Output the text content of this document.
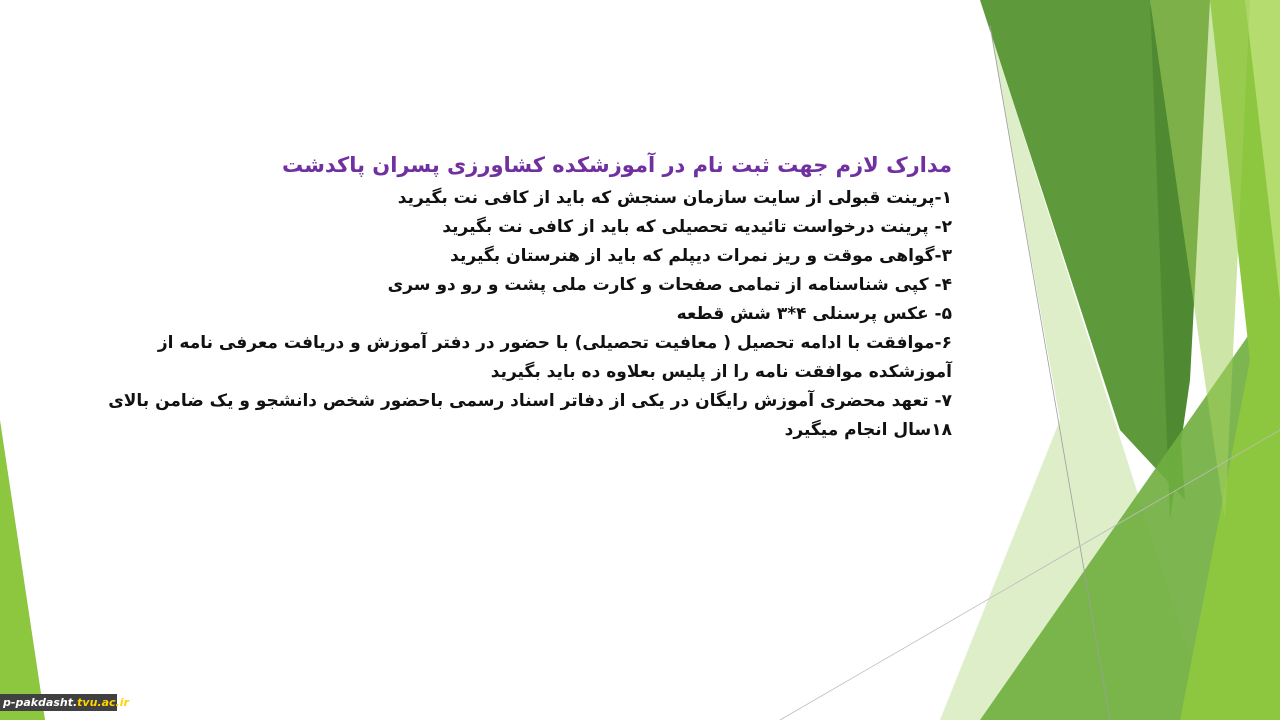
مدارک لازم جهت ثبت نام در آموزشکده کشاورزی پسران پاکدشت

۱-پرینت قبولی از سایت سازمان سنجش که باید از کافی نت بگیرید
۲- پرینت درخواست تائیدیه تحصیلی که باید از کافی نت بگیرید
۳-گواهی موقت و ریز نمرات دیپلم که باید از هنرستان بگیرید
۴- کپی شناسنامه از تمامی صفحات و کارت ملی پشت و رو دو سری
۵- عکس پرسنلی ۴*۳ شش قطعه
۶-موافقت با ادامه تحصیل ( معافیت تحصیلی) با حضور در دفتر آموزش و دریافت معرفی نامه از آموزشکده موافقت نامه را از پلیس بعلاوه ده باید بگیرید
۷- تعهد محضری آموزش رایگان در یکی از دفاتر اسناد رسمی باحضور شخص دانشجو و یک ضامن بالای ۱۸سال انجام میگیرد
p-pakdasht.tvu.ac.ir
